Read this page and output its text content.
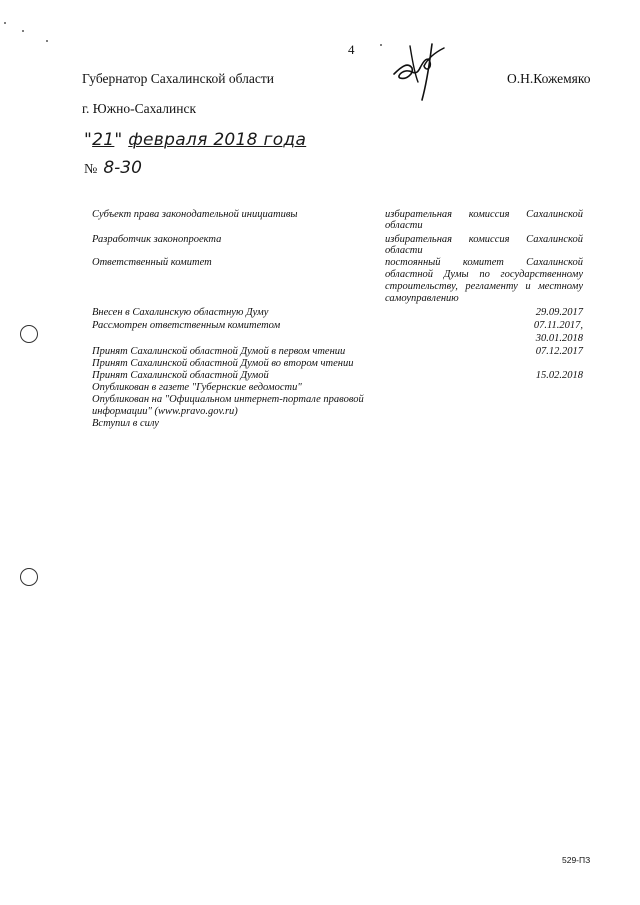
4
Губернатор Сахалинской области	О.Н.Кожемяко
г. Южно-Сахалинск
"21" февраля 2018 года
№ 8-30
Субъект права законодательной инициативы	избирательная комиссия Сахалинской
области
Разработчик законопроекта	избирательная комиссия Сахалинской
области
Ответственный комитет	постоянный комитет Сахалинской
областной Думы по государственному
строительству, регламенту и местному
самоуправлению
Внесен в Сахалинскую областную Думу	29.09.2017
Рассмотрен ответственным комитетом	07.11.2017,
30.01.2018
Принят Сахалинской областной Думой в первом чтении	07.12.2017
Принят Сахалинской областной Думой во втором чтении
Принят Сахалинской областной Думой	15.02.2018
Опубликован в газете "Губернские ведомости"
Опубликован на "Официальном интернет-портале правовой
информации" (www.pravo.gov.ru)
Вступил в силу
529-ПЗ
